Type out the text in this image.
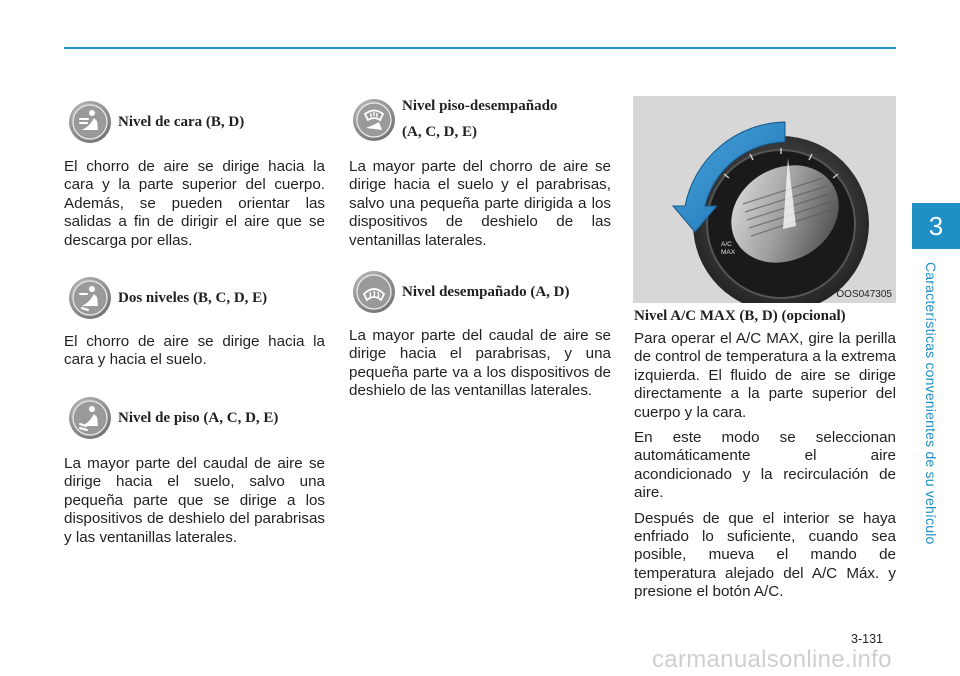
3
Características convenientes de su vehículo
Nivel de cara (B, D)

El chorro de aire se dirige hacia la cara y la parte superior del cuerpo. Además, se pueden orientar las salidas a fin de dirigir el aire que se descarga por ellas.

Dos niveles (B, C, D, E)

El chorro de aire se dirige hacia la cara y hacia el suelo.

Nivel de piso (A, C, D, E)

La mayor parte del caudal de aire se dirige hacia el suelo, salvo una pequeña parte que se dirige a los dispositivos de deshielo del parabrisas y las ventanillas laterales.

Nivel piso-desempañado
(A, C, D, E)

La mayor parte del chorro de aire se dirige hacia el suelo y el parabrisas, salvo una pequeña parte dirigida a los dispositivos de deshielo de las ventanillas laterales.

Nivel desempañado (A, D)

La mayor parte del caudal de aire se dirige hacia el parabrisas, y una pequeña parte va a los dispositivos de deshielo de las ventanillas laterales.

A/C
MAX
OOS047305
Nivel A/C MAX (B, D) (opcional)

Para operar el A/C MAX, gire la perilla de control de temperatura a la extrema izquierda. El fluido de aire se dirige directamente a la parte superior del cuerpo y la cara.

En este modo se seleccionan automáticamente el aire acondicionado y la recirculación de aire.

Después de que el interior se haya enfriado lo suficiente, cuando sea posible, mueva el mando de temperatura alejado del A/C Máx. y presione el botón A/C.

3-131
carmanualsonline.info
